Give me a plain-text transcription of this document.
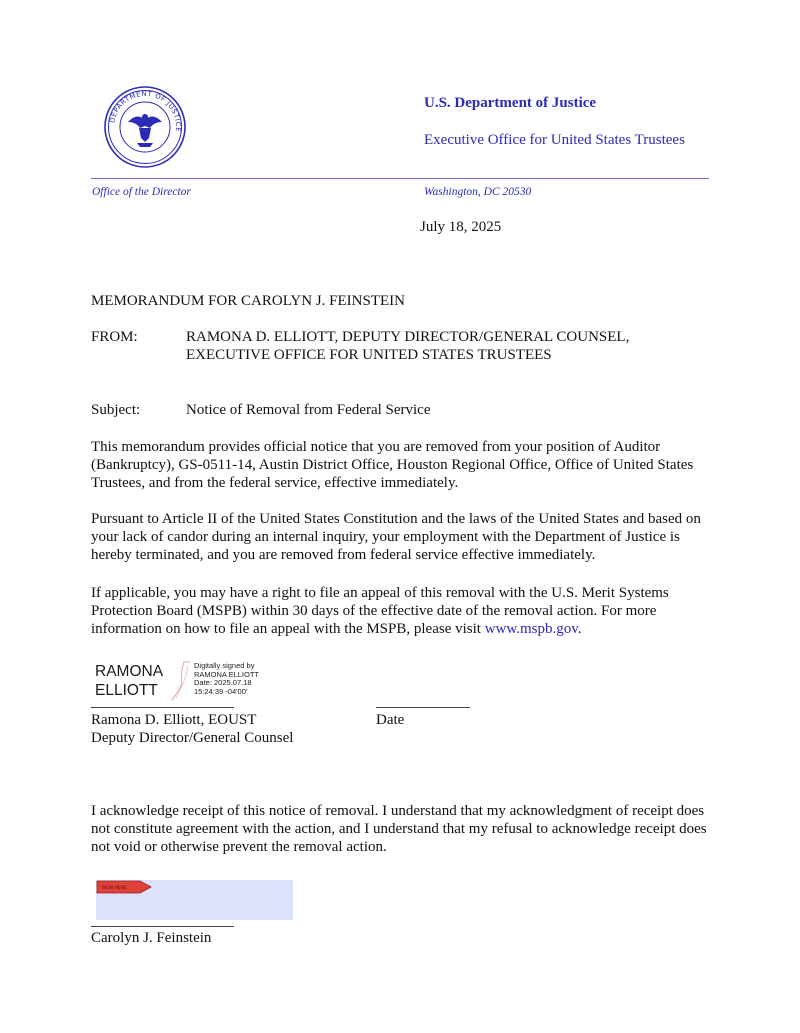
DEPARTMENT OF JUSTICE
U.S. Department of Justice
Executive Office for United States Trustees
Office of the Director	Washington, DC 20530
July 18, 2025
MEMORANDUM FOR CAROLYN J. FEINSTEIN
FROM:	RAMONA D. ELLIOTT, DEPUTY DIRECTOR/GENERAL COUNSEL, EXECUTIVE OFFICE FOR UNITED STATES TRUSTEES
Subject:	Notice of Removal from Federal Service
This memorandum provides official notice that you are removed from your position of Auditor (Bankruptcy), GS-0511-14, Austin District Office, Houston Regional Office, Office of United States Trustees, and from the federal service, effective immediately.
Pursuant to Article II of the United States Constitution and the laws of the United States and based on your lack of candor during an internal inquiry, your employment with the Department of Justice is hereby terminated, and you are removed from federal service effective immediately.
If applicable, you may have a right to file an appeal of this removal with the U.S. Merit Systems Protection Board (MSPB) within 30 days of the effective date of the removal action. For more information on how to file an appeal with the MSPB, please visit www.mspb.gov.
RAMONA
ELLIOTT
Digitally signed by
RAMONA ELLIOTT
Date: 2025.07.18
15:24:39 -04'00'
Ramona D. Elliott, EOUST
Deputy Director/General Counsel
Date
I acknowledge receipt of this notice of removal. I understand that my acknowledgment of receipt does not constitute agreement with the action, and I understand that my refusal to acknowledge receipt does not void or otherwise prevent the removal action.
SIGN HERE
Carolyn J. Feinstein
